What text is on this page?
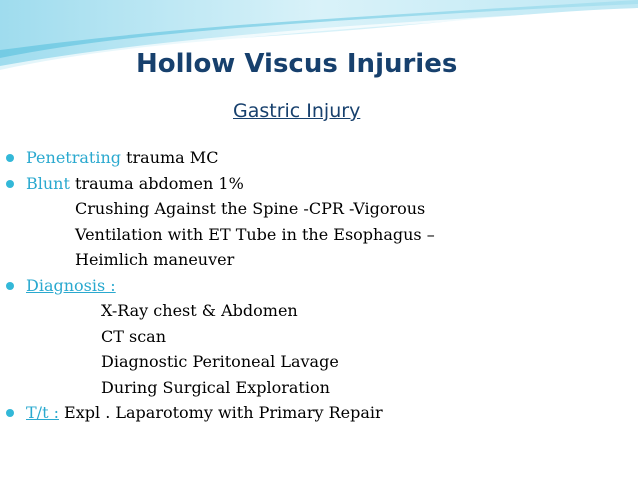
Hollow Viscus Injuries
Gastric Injury
Penetrating trauma MC
Blunt trauma abdomen 1%
Crushing Against the Spine -CPR -Vigorous
Ventilation with ET Tube in the Esophagus –
Heimlich maneuver
Diagnosis :
X-Ray chest & Abdomen
CT scan
Diagnostic Peritoneal Lavage
During Surgical Exploration
T/t : Expl . Laparotomy with Primary Repair
